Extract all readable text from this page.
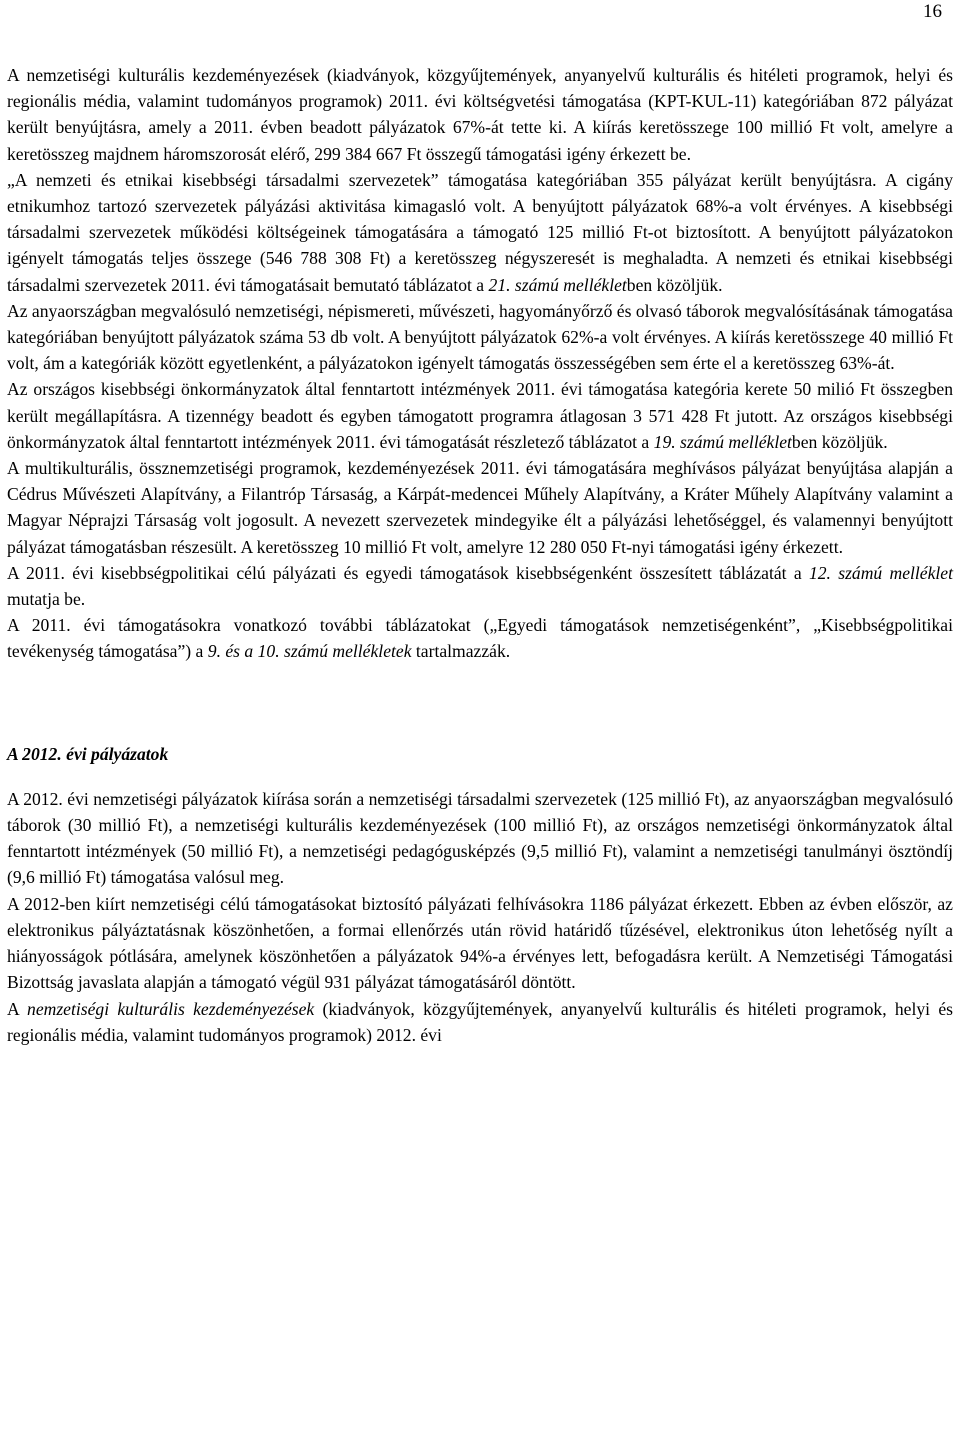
16

A nemzetiségi kulturális kezdeményezések (kiadványok, közgyűjtemények, anyanyelvű kulturális és hitéleti programok, helyi és regionális média, valamint tudományos programok) 2011. évi költségvetési támogatása (KPT-KUL-11) kategóriában 872 pályázat került benyújtásra, amely a 2011. évben beadott pályázatok 67%-át tette ki. A kiírás keretösszege 100 millió Ft volt, amelyre a keretösszeg majdnem háromszorosát elérő, 299 384 667 Ft összegű támogatási igény érkezett be.

„A nemzeti és etnikai kisebbségi társadalmi szervezetek” támogatása kategóriában 355 pályázat került benyújtásra. A cigány etnikumhoz tartozó szervezetek pályázási aktivitása kimagasló volt. A benyújtott pályázatok 68%-a volt érvényes. A kisebbségi társadalmi szervezetek működési költségeinek támogatására a támogató 125 millió Ft-ot biztosított. A benyújtott pályázatokon igényelt támogatás teljes összege (546 788 308 Ft) a keretösszeg négyszeresét is meghaladta. A nemzeti és etnikai kisebbségi társadalmi szervezetek 2011. évi támogatásait bemutató táblázatot a 21. számú mellékletben közöljük.

Az anyaországban megvalósuló nemzetiségi, népismereti, művészeti, hagyományőrző és olvasó táborok megvalósításának támogatása kategóriában benyújtott pályázatok száma 53 db volt. A benyújtott pályázatok 62%-a volt érvényes. A kiírás keretösszege 40 millió Ft volt, ám a kategóriák között egyetlenként, a pályázatokon igényelt támogatás összességében sem érte el a keretösszeg 63%-át.

Az országos kisebbségi önkormányzatok által fenntartott intézmények 2011. évi támogatása kategória kerete 50 milió Ft összegben került megállapításra. A tizennégy beadott és egyben támogatott programra átlagosan 3 571 428 Ft jutott. Az országos kisebbségi önkormányzatok által fenntartott intézmények 2011. évi támogatását részletező táblázatot a 19. számú mellékletben közöljük.

A multikulturális, össznemzetiségi programok, kezdeményezések 2011. évi támogatására meghívásos pályázat benyújtása alapján a Cédrus Művészeti Alapítvány, a Filantróp Társaság, a Kárpát-medencei Műhely Alapítvány, a Kráter Műhely Alapítvány valamint a Magyar Néprajzi Társaság volt jogosult. A nevezett szervezetek mindegyike élt a pályázási lehetőséggel, és valamennyi benyújtott pályázat támogatásban részesült. A keretösszeg 10 millió Ft volt, amelyre 12 280 050 Ft-nyi támogatási igény érkezett.

A 2011. évi kisebbségpolitikai célú pályázati és egyedi támogatások kisebbségenként összesített táblázatát a 12. számú melléklet mutatja be.

A 2011. évi támogatásokra vonatkozó további táblázatokat („Egyedi támogatások nemzetiségenként”, „Kisebbségpolitikai tevékenység támogatása”) a 9. és a 10. számú mellékletek tartalmazzák.

A 2012. évi pályázatok

A 2012. évi nemzetiségi pályázatok kiírása során a nemzetiségi társadalmi szervezetek (125 millió Ft), az anyaországban megvalósuló táborok (30 millió Ft), a nemzetiségi kulturális kezdeményezések (100 millió Ft), az országos nemzetiségi önkormányzatok által fenntartott intézmények (50 millió Ft), a nemzetiségi pedagógusképzés (9,5 millió Ft), valamint a nemzetiségi tanulmányi ösztöndíj (9,6 millió Ft) támogatása valósul meg.

A 2012-ben kiírt nemzetiségi célú támogatásokat biztosító pályázati felhívásokra 1186 pályázat érkezett. Ebben az évben először, az elektronikus pályáztatásnak köszönhetően, a formai ellenőrzés után rövid határidő tűzésével, elektronikus úton lehetőség nyílt a hiányosságok pótlására, amelynek köszönhetően a pályázatok 94%-a érvényes lett, befogadásra került. A Nemzetiségi Támogatási Bizottság javaslata alapján a támogató végül 931 pályázat támogatásáról döntött.

A nemzetiségi kulturális kezdeményezések (kiadványok, közgyűjtemények, anyanyelvű kulturális és hitéleti programok, helyi és regionális média, valamint tudományos programok) 2012. évi
